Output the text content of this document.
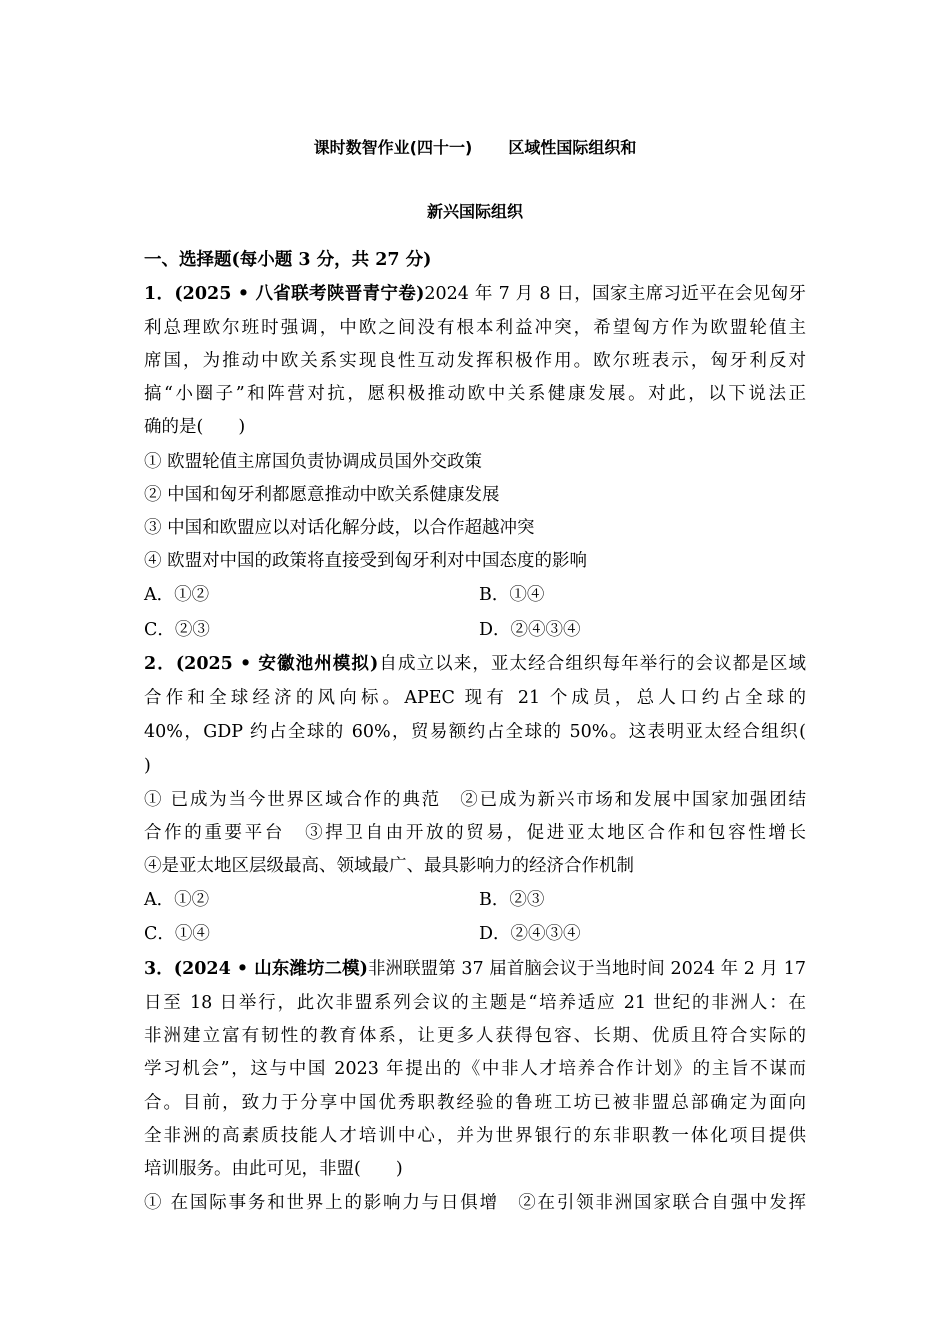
课时数智作业(四十一) 区域性国际组织和
新兴国际组织
一、选择题(每小题 3 分，共 27 分)
1．(2025 • 八省联考陕晋青宁卷)2024 年 7 月 8 日，国家主席习近平在会见匈牙
利总理欧尔班时强调，中欧之间没有根本利益冲突，希望匈方作为欧盟轮值主
席国，为推动中欧关系实现良性互动发挥积极作用。欧尔班表示，匈牙利反对
搞“小圈子”和阵营对抗，愿积极推动欧中关系健康发展。对此，以下说法正
确的是(　　)
① 欧盟轮值主席国负责协调成员国外交政策
② 中国和匈牙利都愿意推动中欧关系健康发展
③ 中国和欧盟应以对话化解分歧，以合作超越冲突
④ 欧盟对中国的政策将直接受到匈牙利对中国态度的影响
A．①②	B．①④
C．②③	D．②④③④
2．(2025 • 安徽池州模拟)自成立以来，亚太经合组织每年举行的会议都是区域
合作和全球经济的风向标。APEC 现有 21 个成员，总人口约占全球的
40%，GDP 约占全球的 60%，贸易额约占全球的 50%。这表明亚太经合组织(
)
① 已成为当今世界区域合作的典范　②已成为新兴市场和发展中国家加强团结
合作的重要平台　③捍卫自由开放的贸易，促进亚太地区合作和包容性增长
④是亚太地区层级最高、领域最广、最具影响力的经济合作机制
A．①②	B．②③
C．①④	D．②④③④
3．(2024 • 山东潍坊二模)非洲联盟第 37 届首脑会议于当地时间 2024 年 2 月 17
日至 18 日举行，此次非盟系列会议的主题是“培养适应 21 世纪的非洲人：在
非洲建立富有韧性的教育体系，让更多人获得包容、长期、优质且符合实际的
学习机会”，这与中国 2023 年提出的《中非人才培养合作计划》的主旨不谋而
合。目前，致力于分享中国优秀职教经验的鲁班工坊已被非盟总部确定为面向
全非洲的高素质技能人才培训中心，并为世界银行的东非职教一体化项目提供
培训服务。由此可见，非盟(　　)
① 在国际事务和世界上的影响力与日俱增　②在引领非洲国家联合自强中发挥
